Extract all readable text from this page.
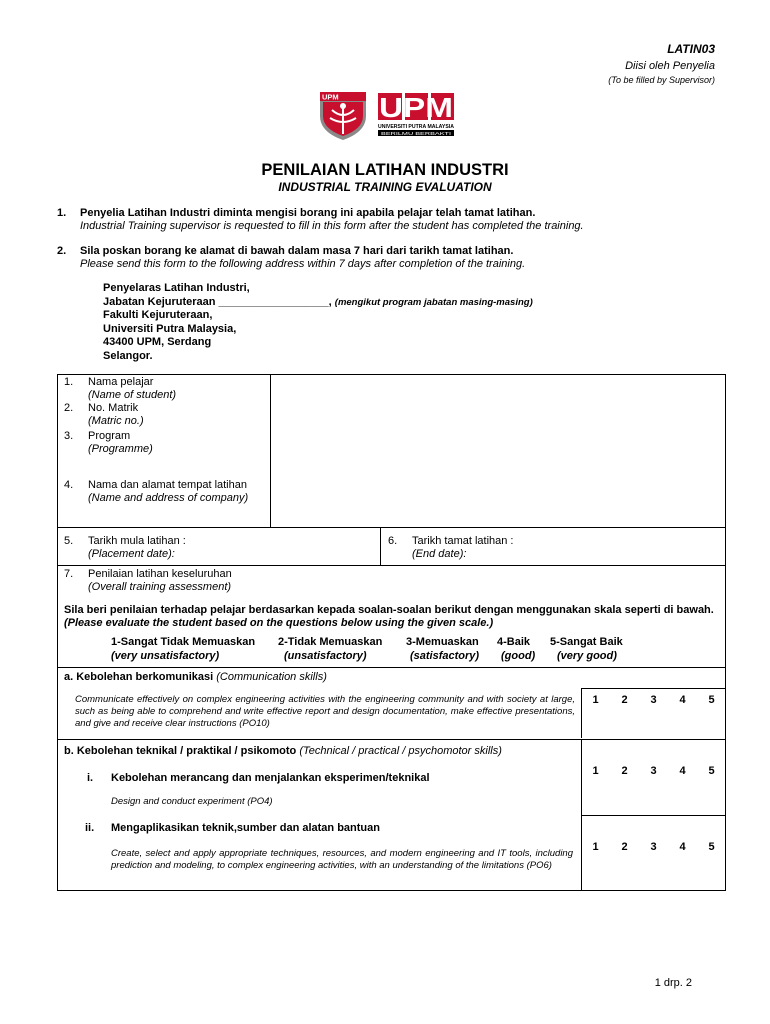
LATIN03
Diisi oleh Penyelia
(To be filled by Supervisor)
UPM UPM
UNIVERSITI PUTRA MALAYSIA
BERILMU BERBAKTI
PENILAIAN LATIHAN INDUSTRI
INDUSTRIAL TRAINING EVALUATION
1. Penyelia Latihan Industri diminta mengisi borang ini apabila pelajar telah tamat latihan.
Industrial Training supervisor is requested to fill in this form after the student has completed the training.
2. Sila poskan borang ke alamat di bawah dalam masa 7 hari dari tarikh tamat latihan.
Please send this form to the following address within 7 days after completion of the training.
Penyelaras Latihan Industri,
Jabatan Kejuruteraan __________________, (mengikut program jabatan masing-masing)
Fakulti Kejuruteraan,
Universiti Putra Malaysia,
43400 UPM, Serdang
Selangor.
1. Nama pelajar
(Name of student)
2. No. Matrik
(Matric no.)
3. Program
(Programme)
4. Nama dan alamat tempat latihan
(Name and address of company)
5. Tarikh mula latihan :
(Placement date):
6. Tarikh tamat latihan :
(End date):
7. Penilaian latihan keseluruhan
(Overall training assessment)
Sila beri penilaian terhadap pelajar berdasarkan kepada soalan-soalan berikut dengan menggunakan skala seperti di bawah. (Please evaluate the student based on the questions below using the given scale.)
1-Sangat Tidak Memuaskan
(very unsatisfactory)
2-Tidak Memuaskan
(unsatisfactory)
3-Memuaskan
(satisfactory)
4-Baik
(good)
5-Sangat Baik
(very good)
a. Kebolehan berkomunikasi (Communication skills)
Communicate effectively on complex engineering activities with the engineering community and with society at large, such as being able to comprehend and write effective report and design documentation, make effective presentations, and give and receive clear instructions (PO10)
1	2	3	4	5
b. Kebolehan teknikal / praktikal / psikomoto (Technical / practical / psychomotor skills)
i. Kebolehan merancang dan menjalankan eksperimen/teknikal
Design and conduct experiment (PO4)
1	2	3	4	5
ii. Mengaplikasikan teknik,sumber dan alatan bantuan
Create, select and apply appropriate techniques, resources, and modern engineering and IT tools, including prediction and modeling, to complex engineering activities, with an understanding of the limitations (PO6)
1	2	3	4	5
1 drp. 2
